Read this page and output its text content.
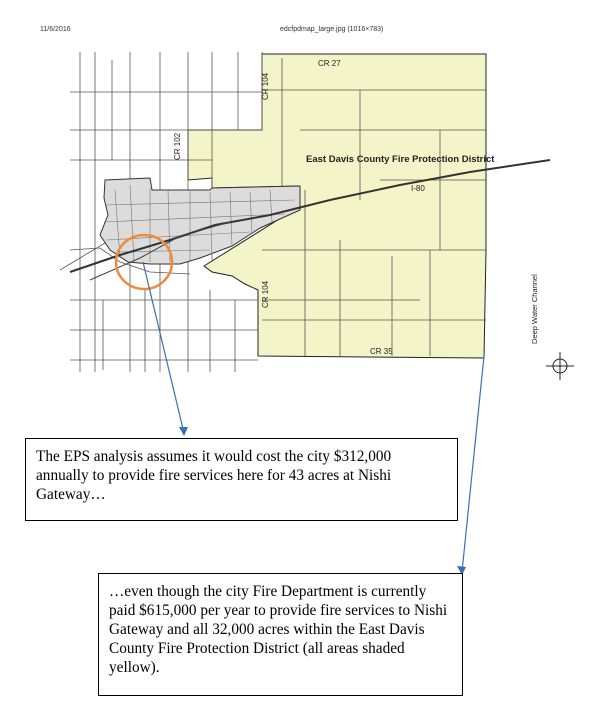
11/6/2016	edcfpdmap_large.jpg (1016×783)
CR 27
CR 104
CR 102	East Davis County Fire Protection District
I-80
CR 104
CR 35
Deep Water Channel
The EPS analysis assumes it would cost the city $312,000 annually to provide fire services here for 43 acres at Nishi Gateway…
…even though the city Fire Department is currently paid $615,000 per year to provide fire services to Nishi Gateway and all 32,000 acres within the East Davis County Fire Protection District (all areas shaded yellow).
